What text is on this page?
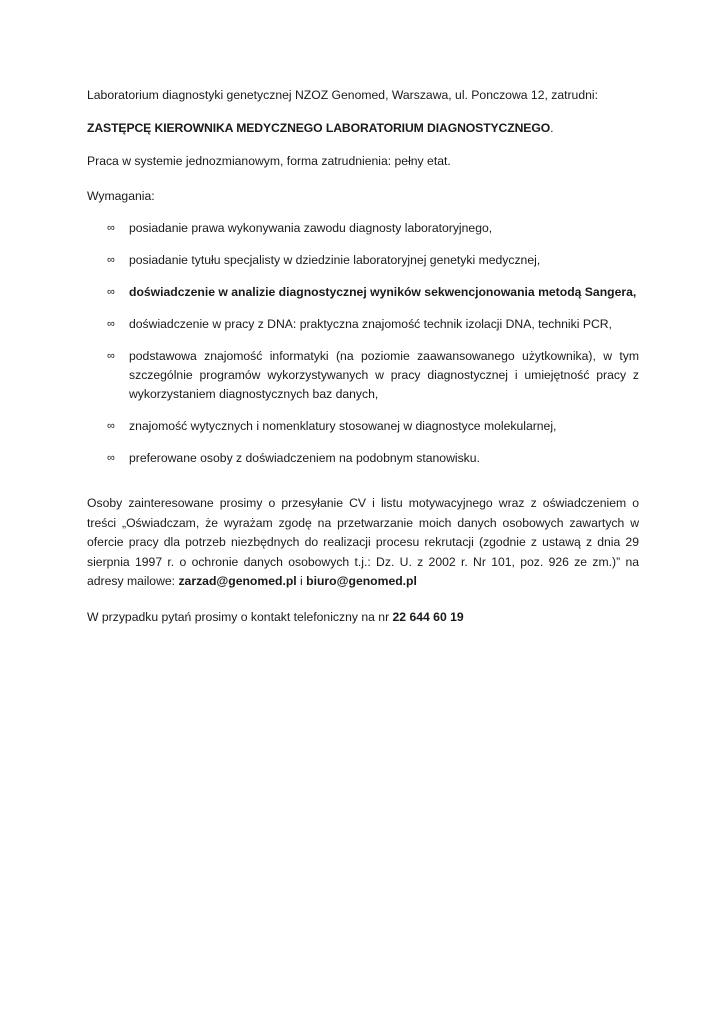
Laboratorium diagnostyki genetycznej NZOZ Genomed, Warszawa, ul. Ponczowa 12, zatrudni:

ZASTĘPCĘ KIEROWNIKA MEDYCZNEGO LABORATORIUM DIAGNOSTYCZNEGO.

Praca w systemie jednozmianowym, forma zatrudnienia: pełny etat.

Wymagania:

∞ posiadanie prawa wykonywania zawodu diagnosty laboratoryjnego,
∞ posiadanie tytułu specjalisty w dziedzinie laboratoryjnej genetyki medycznej,
∞ doświadczenie w analizie diagnostycznej wyników sekwencjonowania metodą Sangera,
∞ doświadczenie w pracy z DNA: praktyczna znajomość technik izolacji DNA, techniki PCR,
∞ podstawowa znajomość informatyki (na poziomie zaawansowanego użytkownika), w tym szczególnie programów wykorzystywanych w pracy diagnostycznej i umiejętność pracy z wykorzystaniem diagnostycznych baz danych,
∞ znajomość wytycznych i nomenklatury stosowanej w diagnostyce molekularnej,
∞ preferowane osoby z doświadczeniem na podobnym stanowisku.

Osoby zainteresowane prosimy o przesyłanie CV i listu motywacyjnego wraz z oświadczeniem o treści „Oświadczam, że wyrażam zgodę na przetwarzanie moich danych osobowych zawartych w ofercie pracy dla potrzeb niezbędnych do realizacji procesu rekrutacji (zgodnie z ustawą z dnia 29 sierpnia 1997 r. o ochronie danych osobowych t.j.: Dz. U. z 2002 r. Nr 101, poz. 926 ze zm.)” na adresy mailowe: zarzad@genomed.pl i biuro@genomed.pl

W przypadku pytań prosimy o kontakt telefoniczny na nr 22 644 60 19
